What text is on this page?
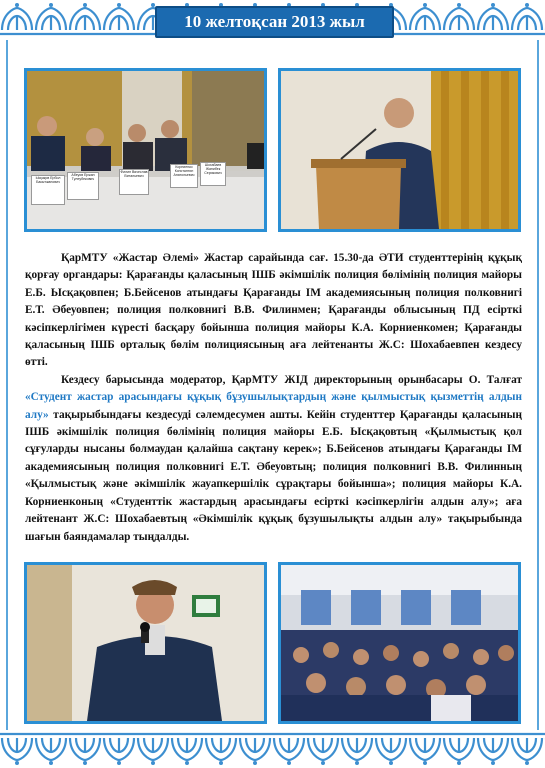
10 желтоқсан 2013 жыл
Ысқақов Ербол Бакытжанович
Абеуов Ержан Тулеубекович
Филин Вячеслав Витальевич
Корниенко Константин Анатольевич
Шохабаев Жанибек Серикович

ҚарМТУ «Жастар Әлемі» Жастар сарайында сағ. 15.30-да ӘТИ студенттерінің құқық қорғау органдары: Қарағанды қаласының ІШБ әкімшілік полиция бөлімінің полиция майоры Е.Б. Ысқақовпен; Б.Бейсенов атындағы Қарағанды ІМ академиясының полиция полковнигі Е.Т. Әбеуовпен; полиция полковнигі В.В. Филинмен; Қарағанды облысының ПД есірткі кәсіпкерлігімен күресті басқару бойынша полиция майоры К.А. Корниенкомен; Қарағанды қаласының ІШБ орталық бөлім полициясының аға лейтенанты Ж.С: Шохабаевпен кездесу өтті.

Кездесу барысында модератор, ҚарМТУ ЖІД директорының орынбасары О. Талғат «Студент жастар арасындағы құқық бұзушылықтардың және қылмыстық қызметтің алдын алу» тақырыбындағы кездесуді сәлемдесумен ашты. Кейін студенттер Қарағанды қаласының ІШБ әкімшілік полиция бөлімінің полиция майоры Е.Б. Ысқақовтың «Қылмыстық қол сұғуларды нысаны болмаудан қалайша сақтану керек»; Б.Бейсенов атындағы Қарағанды ІМ академиясының полиция полковнигі Е.Т. Әбеуовтың; полиция полковнигі В.В. Филинның «Қылмыстық және әкімшілік жауапкершілік сұрақтары бойынша»; полиция майоры К.А. Корниенконың «Студенттік жастардың арасындағы есірткі кәсіпкерлігін алдын алу»; аға лейтенант Ж.С: Шохабаевтың «Әкімшілік құқық бұзушылықты алдын алу» тақырыбында шағын баяндамалар тыңдалды.
